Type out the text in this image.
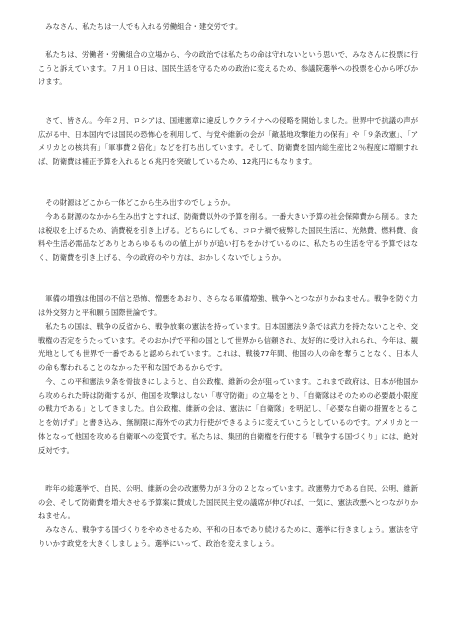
みなさん、私たちは一人でも入れる労働組合・建交労です。

私たちは、労働者・労働組合の立場から、今の政治では私たちの命は守れないという思いで、みなさんに投票に行こうと訴えています。７月１０日は、国民生活を守るための政治に変えるため、参議院選挙への投票を心から呼びかけます。

さて、皆さん。今年２月、ロシアは、国連憲章に違反しウクライナへの侵略を開始しました。世界中で抗議の声が広がる中、日本国内では国民の恐怖心を利用して、与党や維新の会が「敵基地攻撃能力の保有」や「９条改憲」、「アメリカとの核共有｣「軍事費２倍化」などを打ち出しています。そして、防衛費を国内総生産比２％程度に増額すれば、防衛費は補正予算を入れると６兆円を突破しているため、12兆円にもなります。

その財源はどこから一体どこから生み出すのでしょうか。

今ある財源のなかから生み出すとすれば、防衛費以外の予算を削る。一番大きい予算の社会保障費から削る。または税収を上げるため、消費税を引き上げる。どちらにしても、コロナ禍で疲弊した国民生活に、光熱費、燃料費、食料や生活必需品などありとあらゆるものの値上がりが追い打ちをかけているのに、私たちの生活を守る予算ではなく、防衛費を引き上げる、今の政府のやり方は、おかしくないでしょうか。

軍備の増強は他国の不信と恐怖、憎悪をあおり、さらなる軍備増強、戦争へとつながりかねません。戦争を防ぐ力は外交努力と平和願う国際世論です。

私たちの国は、戦争の反省から、戦争放棄の憲法を持っています。日本国憲法９条では武力を持たないことや、交戦権の否定をうたっています。そのおかげで平和の国として世界から信頼され、友好的に受け入れられ、今年は、観光地としても世界で一番であると認められています。これは、戦後77年間、他国の人の命を奪うことなく、日本人の命も奪われることのなかった平和な国であるからです。

今、この平和憲法９条を骨抜きにしようと、自公政権、維新の会が狙っています。これまで政府は、日本が他国から攻められた時は防衛するが、他国を攻撃はしない「専守防衛」の立場をとり、「自衛隊はそのための必要最小限度の戦力である」としてきました。自公政権、維新の会は、憲法に「自衛隊」を明記し、「必要な自衛の措置をとることを妨げず」と書き込み、無制限に海外での武力行使ができるように変えていこうとしているのです。アメリカと一体となって他国を攻める自衛軍への変質です。私たちは、集団的自衛権を行使する「戦争する国づくり」には、絶対反対です。

昨年の総選挙で、自民、公明、維新の会の改憲勢力が３分の２となっています。改憲勢力である自民、公明、維新の会、そして防衛費を増大させる予算案に賛成した国民民主党の議席が伸びれば、一気に、憲法改悪へとつながりかねません。

みなさん、戦争する国づくりをやめさせるため、平和の日本であり続けるために、選挙に行きましょう。憲法を守りいかす政党を大きくしましょう。選挙にいって、政治を変えましょう。
